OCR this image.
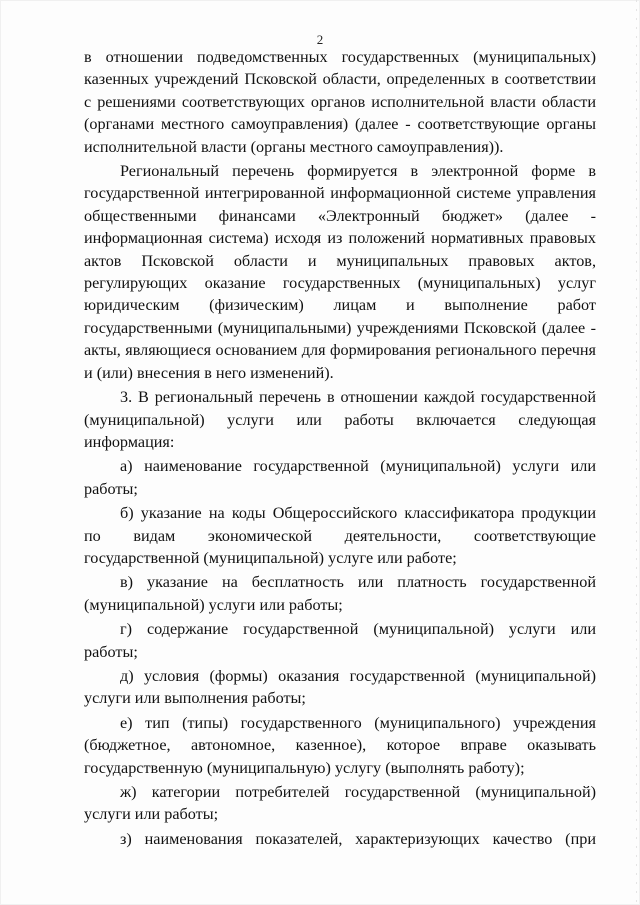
2

в отношении подведомственных государственных (муниципальных) казенных учреждений Псковской области, определенных в соответствии с решениями соответствующих органов исполнительной власти области (органами местного самоуправления) (далее - соответствующие органы исполнительной власти (органы местного самоуправления)).

Региональный перечень формируется в электронной форме в государственной интегрированной информационной системе управления общественными финансами «Электронный бюджет» (далее - информационная система) исходя из положений нормативных правовых актов Псковской области и муниципальных правовых актов, регулирующих оказание государственных (муниципальных) услуг юридическим (физическим) лицам и выполнение работ государственными (муниципальными) учреждениями Псковской (далее - акты, являющиеся основанием для формирования регионального перечня и (или) внесения в него изменений).

3. В региональный перечень в отношении каждой государственной (муниципальной) услуги или работы включается следующая информация:

а) наименование государственной (муниципальной) услуги или работы;

б) указание на коды Общероссийского классификатора продукции по видам экономической деятельности, соответствующие государственной (муниципальной) услуге или работе;

в) указание на бесплатность или платность государственной (муниципальной) услуги или работы;

г) содержание государственной (муниципальной) услуги или работы;

д) условия (формы) оказания государственной (муниципальной) услуги или выполнения работы;

е) тип (типы) государственного (муниципального) учреждения (бюджетное, автономное, казенное), которое вправе оказывать государственную (муниципальную) услугу (выполнять работу);

ж) категории потребителей государственной (муниципальной) услуги или работы;

з) наименования показателей, характеризующих качество (при
